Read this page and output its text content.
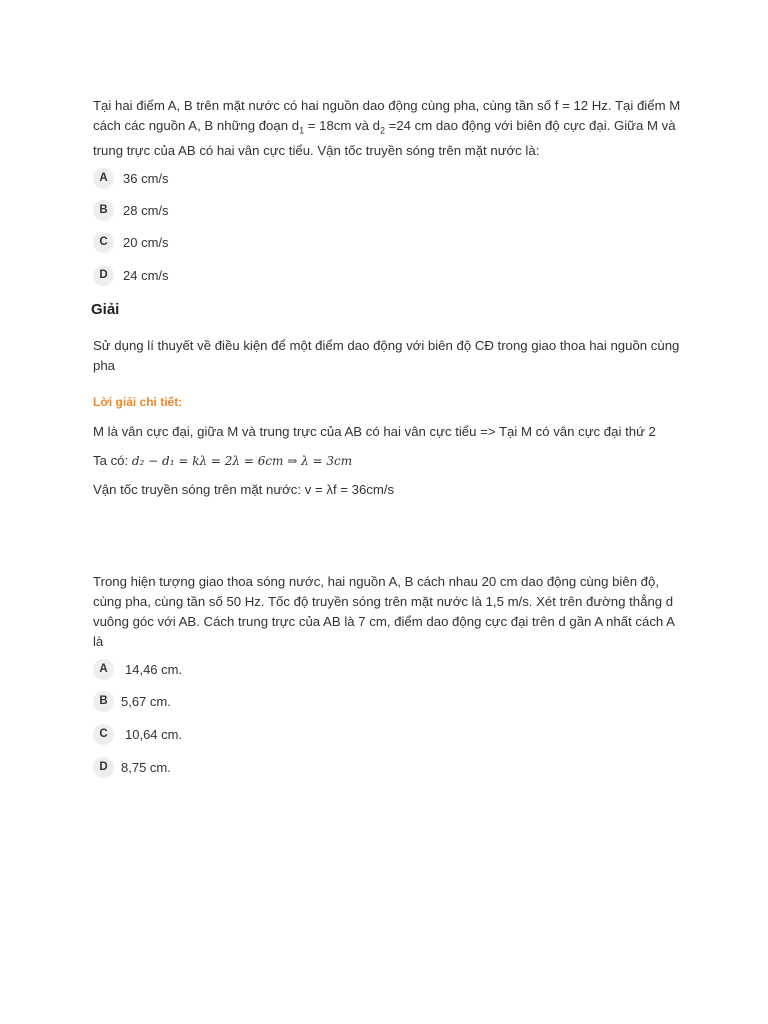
Tại hai điểm A, B trên mặt nước có hai nguồn dao động cùng pha, cùng tần số f = 12 Hz. Tại điểm M cách các nguồn A, B những đoạn $d_1 = 18cm$ và $d_2 =24$ cm dao động với biên độ cực đại. Giữa M và trung trực của AB có hai vân cực tiểu. Vận tốc truyền sóng trên mặt nước là:
A	36 cm/s
B	28 cm/s
C	20 cm/s
D	24 cm/s
Giải
Sử dụng lí thuyết về điều kiện để một điểm dao động với biên độ CĐ trong giao thoa hai nguồn cùng pha
Lời giải chi tiết:
M là vân cực đại, giữa M và trung trực của AB có hai vân cực tiểu => Tại M có vân cực đại thứ 2
Ta có: d₂ − d₁ = kλ = 2λ = 6cm ⇒ λ = 3cm
Vận tốc truyền sóng trên mặt nước: v = λf = 36cm/s
Trong hiện tượng giao thoa sóng nước, hai nguồn A, B cách nhau 20 cm dao động cùng biên độ, cùng pha, cùng tần số 50 Hz. Tốc độ truyền sóng trên mặt nước là 1,5 m/s. Xét trên đường thẳng d vuông góc với AB. Cách trung trực của AB là 7 cm, điểm dao động cực đại trên d gần A nhất cách A là
A	14,46 cm.
B	5,67 cm.
C	10,64 cm.
D	8,75 cm.
